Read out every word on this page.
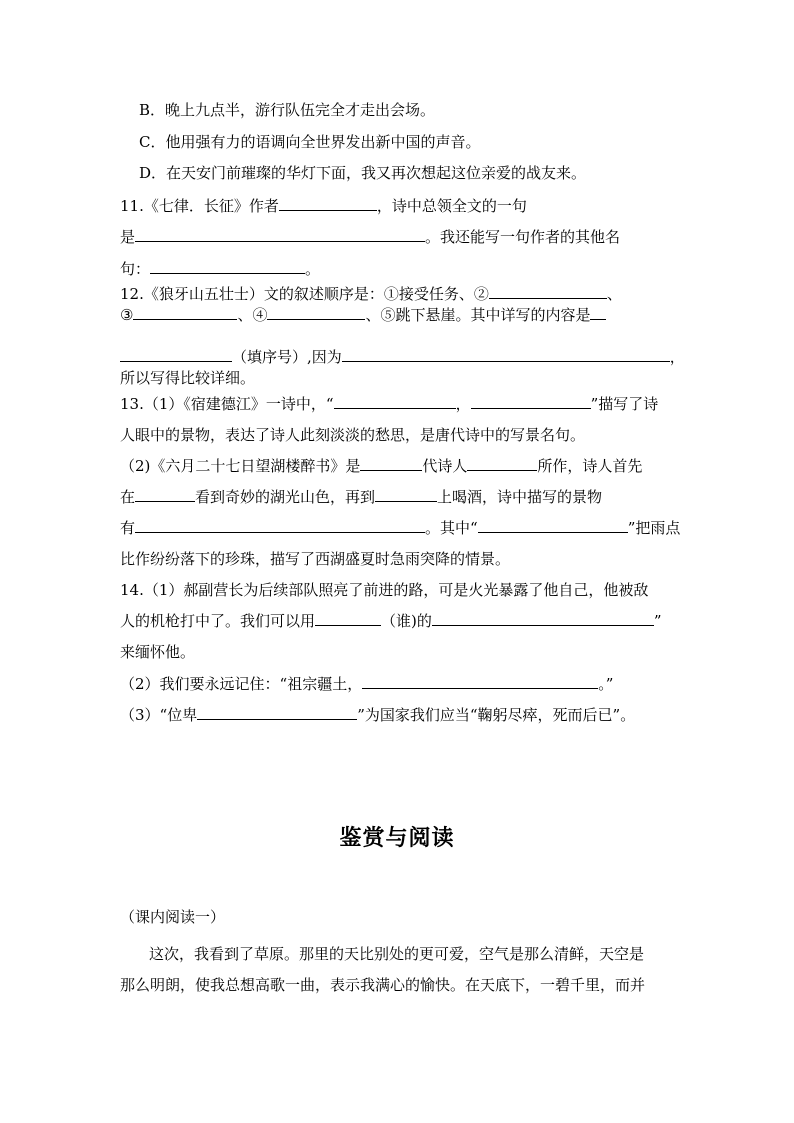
B．晚上九点半，游行队伍完全才走出会场。
C．他用强有力的语调向全世界发出新中国的声音。
D．在天安门前璀璨的华灯下面，我又再次想起这位亲爱的战友来。
11.《七律．长征》作者	，诗中总领全文的一句
是	。我还能写一句作者的其他名
句：	。
12.《狼牙山五壮士）文的叙述顺序是：①接受任务、②	、
③	、④	、⑤跳下悬崖。其中详写的内容是
（填序号）,因为	，
所以写得比较详细。
13.（1）《宿建德江》一诗中，“	，	”描写了诗
人眼中的景物，表达了诗人此刻淡淡的愁思，是唐代诗中的写景名句。
（2)《六月二十七日望湖楼醉书》是	代诗人	所作，诗人首先
在	看到奇妙的湖光山色，再到	上喝酒，诗中描写的景物
有	。其中“	”把雨点
比作纷纷落下的珍珠，描写了西湖盛夏时急雨突降的情景。
14.（1）郝副营长为后续部队照亮了前进的路，可是火光暴露了他自己，他被敌
人的机枪打中了。我们可以用	（谁)的	”
来缅怀他。
（2）我们要永远记住：“祖宗疆土，	。”
（3）“位卑	”为国家我们应当“鞠躬尽瘁，死而后已”。
鉴赏与阅读
（课内阅读一）
这次，我看到了草原。那里的天比别处的更可爱，空气是那么清鲜，天空是
那么明朗，使我总想高歌一曲，表示我满心的愉快。在天底下，一碧千里，而并
